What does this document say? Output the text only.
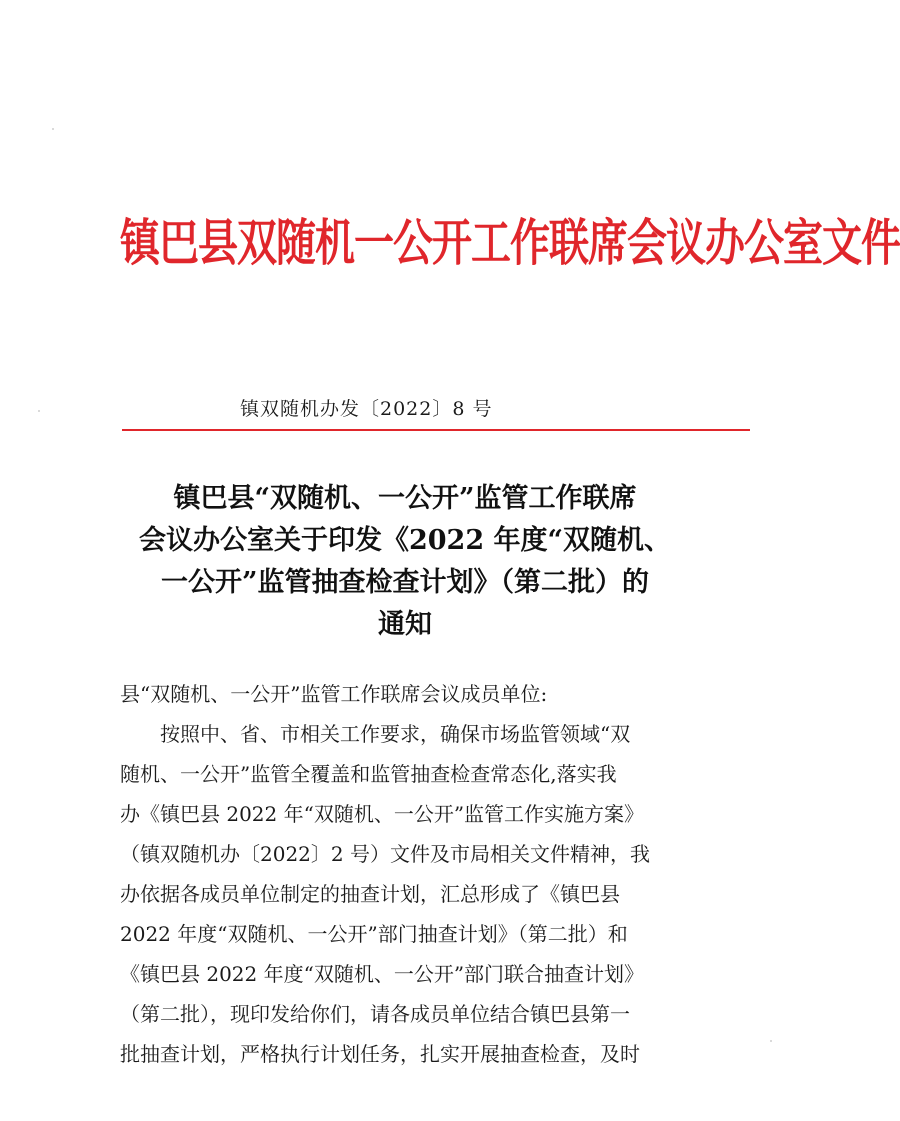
镇巴县双随机一公开工作联席会议办公室文件
镇双随机办发〔2022〕8 号
镇巴县“双随机、一公开”监管工作联席
会议办公室关于印发《2022 年度“双随机、
一公开”监管抽查检查计划》（第二批）的
通知
县“双随机、一公开”监管工作联席会议成员单位:
按照中、省、市相关工作要求，确保市场监管领域“双
随机、一公开”监管全覆盖和监管抽查检查常态化,落实我
办《镇巴县 2022 年“双随机、一公开”监管工作实施方案》
（镇双随机办〔2022〕2 号）文件及市局相关文件精神，我
办依据各成员单位制定的抽查计划，汇总形成了《镇巴县
2022 年度“双随机、一公开”部门抽查计划》（第二批）和
《镇巴县 2022 年度“双随机、一公开”部门联合抽查计划》
（第二批），现印发给你们，请各成员单位结合镇巴县第一
批抽查计划，严格执行计划任务，扎实开展抽查检查，及时
